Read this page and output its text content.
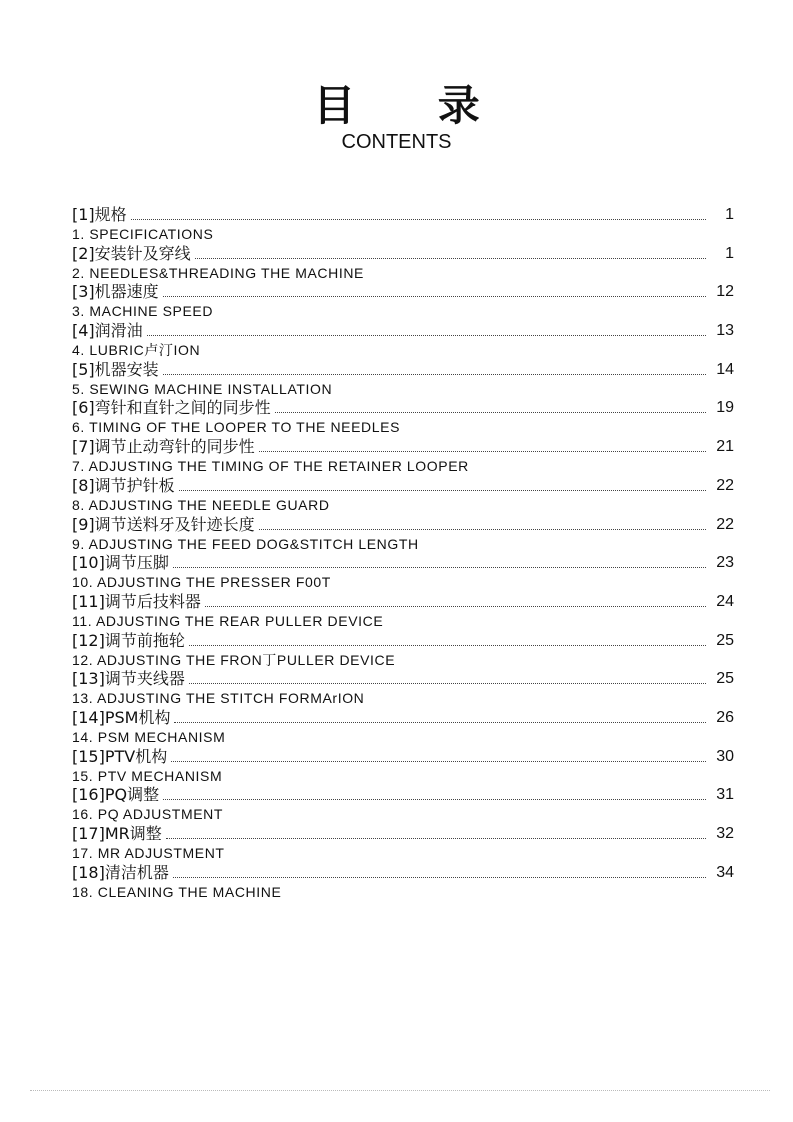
目 录
CONTENTS
[1]规格	1
1. SPECIFICATIONS
[2]安装针及穿线	1
2. NEEDLES&THREADING THE MACHINE
[3]机器速度	12
3. MACHINE SPEED
[4]润滑油	13
4. LUBRIC卢汀ION
[5]机器安装	14
5. SEWING MACHINE INSTALLATION
[6]弯针和直针之间的同步性	19
6. TIMING OF THE LOOPER TO THE NEEDLES
[7]调节止动弯针的同步性	21
7. ADJUSTING THE TIMING OF THE RETAINER LOOPER
[8]调节护针板	22
8. ADJUSTING THE NEEDLE GUARD
[9]调节送料牙及针迹长度	22
9. ADJUSTING THE FEED DOG&STITCH LENGTH
[10]调节压脚	23
10. ADJUSTING THE PRESSER F00T
[11]调节后技料器	24
11. ADJUSTING THE REAR PULLER DEVICE
[12]调节前拖轮	25
12. ADJUSTING THE FRON丁PULLER DEVICE
[13]调节夹线器	25
13. ADJUSTING THE STITCH FORMArION
[14]PSM机构	26
14. PSM MECHANISM
[15]PTV机构	30
15. PTV MECHANISM
[16]PQ调整	31
16. PQ ADJUSTMENT
[17]MR调整	32
17. MR ADJUSTMENT
[18]清洁机器	34
18. CLEANING THE MACHINE
